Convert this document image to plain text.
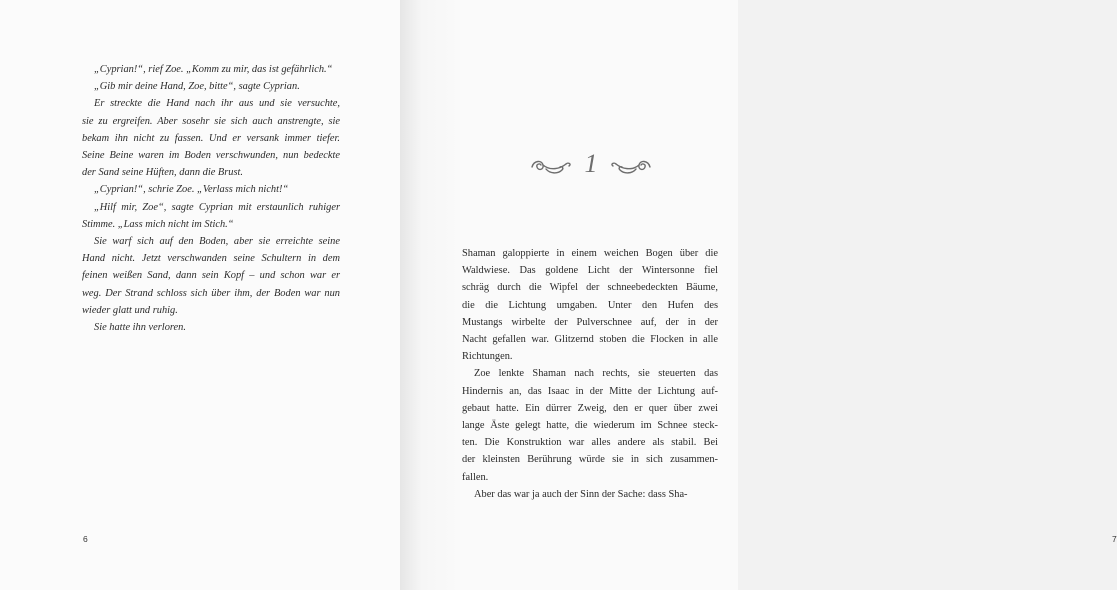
„Cyprian!“, rief Zoe. „Komm zu mir, das ist gefährlich.“
„Gib mir deine Hand, Zoe, bitte“, sagte Cyprian.
Er streckte die Hand nach ihr aus und sie versuchte,
sie zu ergreifen. Aber sosehr sie sich auch anstrengte, sie
bekam ihn nicht zu fassen. Und er versank immer tiefer.
Seine Beine waren im Boden verschwunden, nun bedeckte
der Sand seine Hüften, dann die Brust.
„Cyprian!“, schrie Zoe. „Verlass mich nicht!“
„Hilf mir, Zoe“, sagte Cyprian mit erstaunlich ruhiger
Stimme. „Lass mich nicht im Stich.“
Sie warf sich auf den Boden, aber sie erreichte seine
Hand nicht. Jetzt verschwanden seine Schultern in dem
feinen weißen Sand, dann sein Kopf – und schon war er
weg. Der Strand schloss sich über ihm, der Boden war nun
wieder glatt und ruhig.
Sie hatte ihn verloren.
6	7
1
Shaman galoppierte in einem weichen Bogen über die
Waldwiese. Das goldene Licht der Wintersonne fiel
schräg durch die Wipfel der schneebedeckten Bäume,
die die Lichtung umgaben. Unter den Hufen des
Mustangs wirbelte der Pulverschnee auf, der in der
Nacht gefallen war. Glitzernd stoben die Flocken in alle
Richtungen.
Zoe lenkte Shaman nach rechts, sie steuerten das
Hindernis an, das Isaac in der Mitte der Lichtung auf-
gebaut hatte. Ein dürrer Zweig, den er quer über zwei
lange Äste gelegt hatte, die wiederum im Schnee steck-
ten. Die Konstruktion war alles andere als stabil. Bei
der kleinsten Berührung würde sie in sich zusammen-
fallen.
Aber das war ja auch der Sinn der Sache: dass Sha-
